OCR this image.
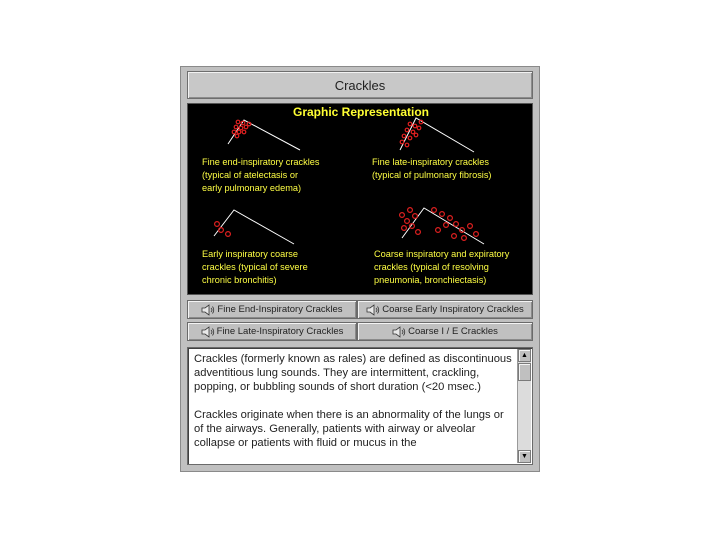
Crackles
Graphic Representation
Fine end-inspiratory crackles
(typical of atelectasis or
early pulmonary edema)
Fine late-inspiratory crackles
(typical of pulmonary fibrosis)
Early inspiratory coarse
crackles (typical of severe
chronic bronchitis)
Coarse inspiratory and expiratory
crackles (typical of resolving
pneumonia, bronchiectasis)
Fine End-Inspiratory Crackles	Coarse Early Inspiratory Crackles
Fine Late-Inspiratory Crackles	Coarse I / E Crackles

Crackles (formerly known as rales) are defined as discontinuous adventitious lung sounds. They are intermittent, crackling, popping, or bubbling sounds of short duration (<20 msec.)

Crackles originate when there is an abnormality of the lungs or of the airways. Generally, patients with airway or alveolar collapse or patients with fluid or mucus in the

▲
▼
